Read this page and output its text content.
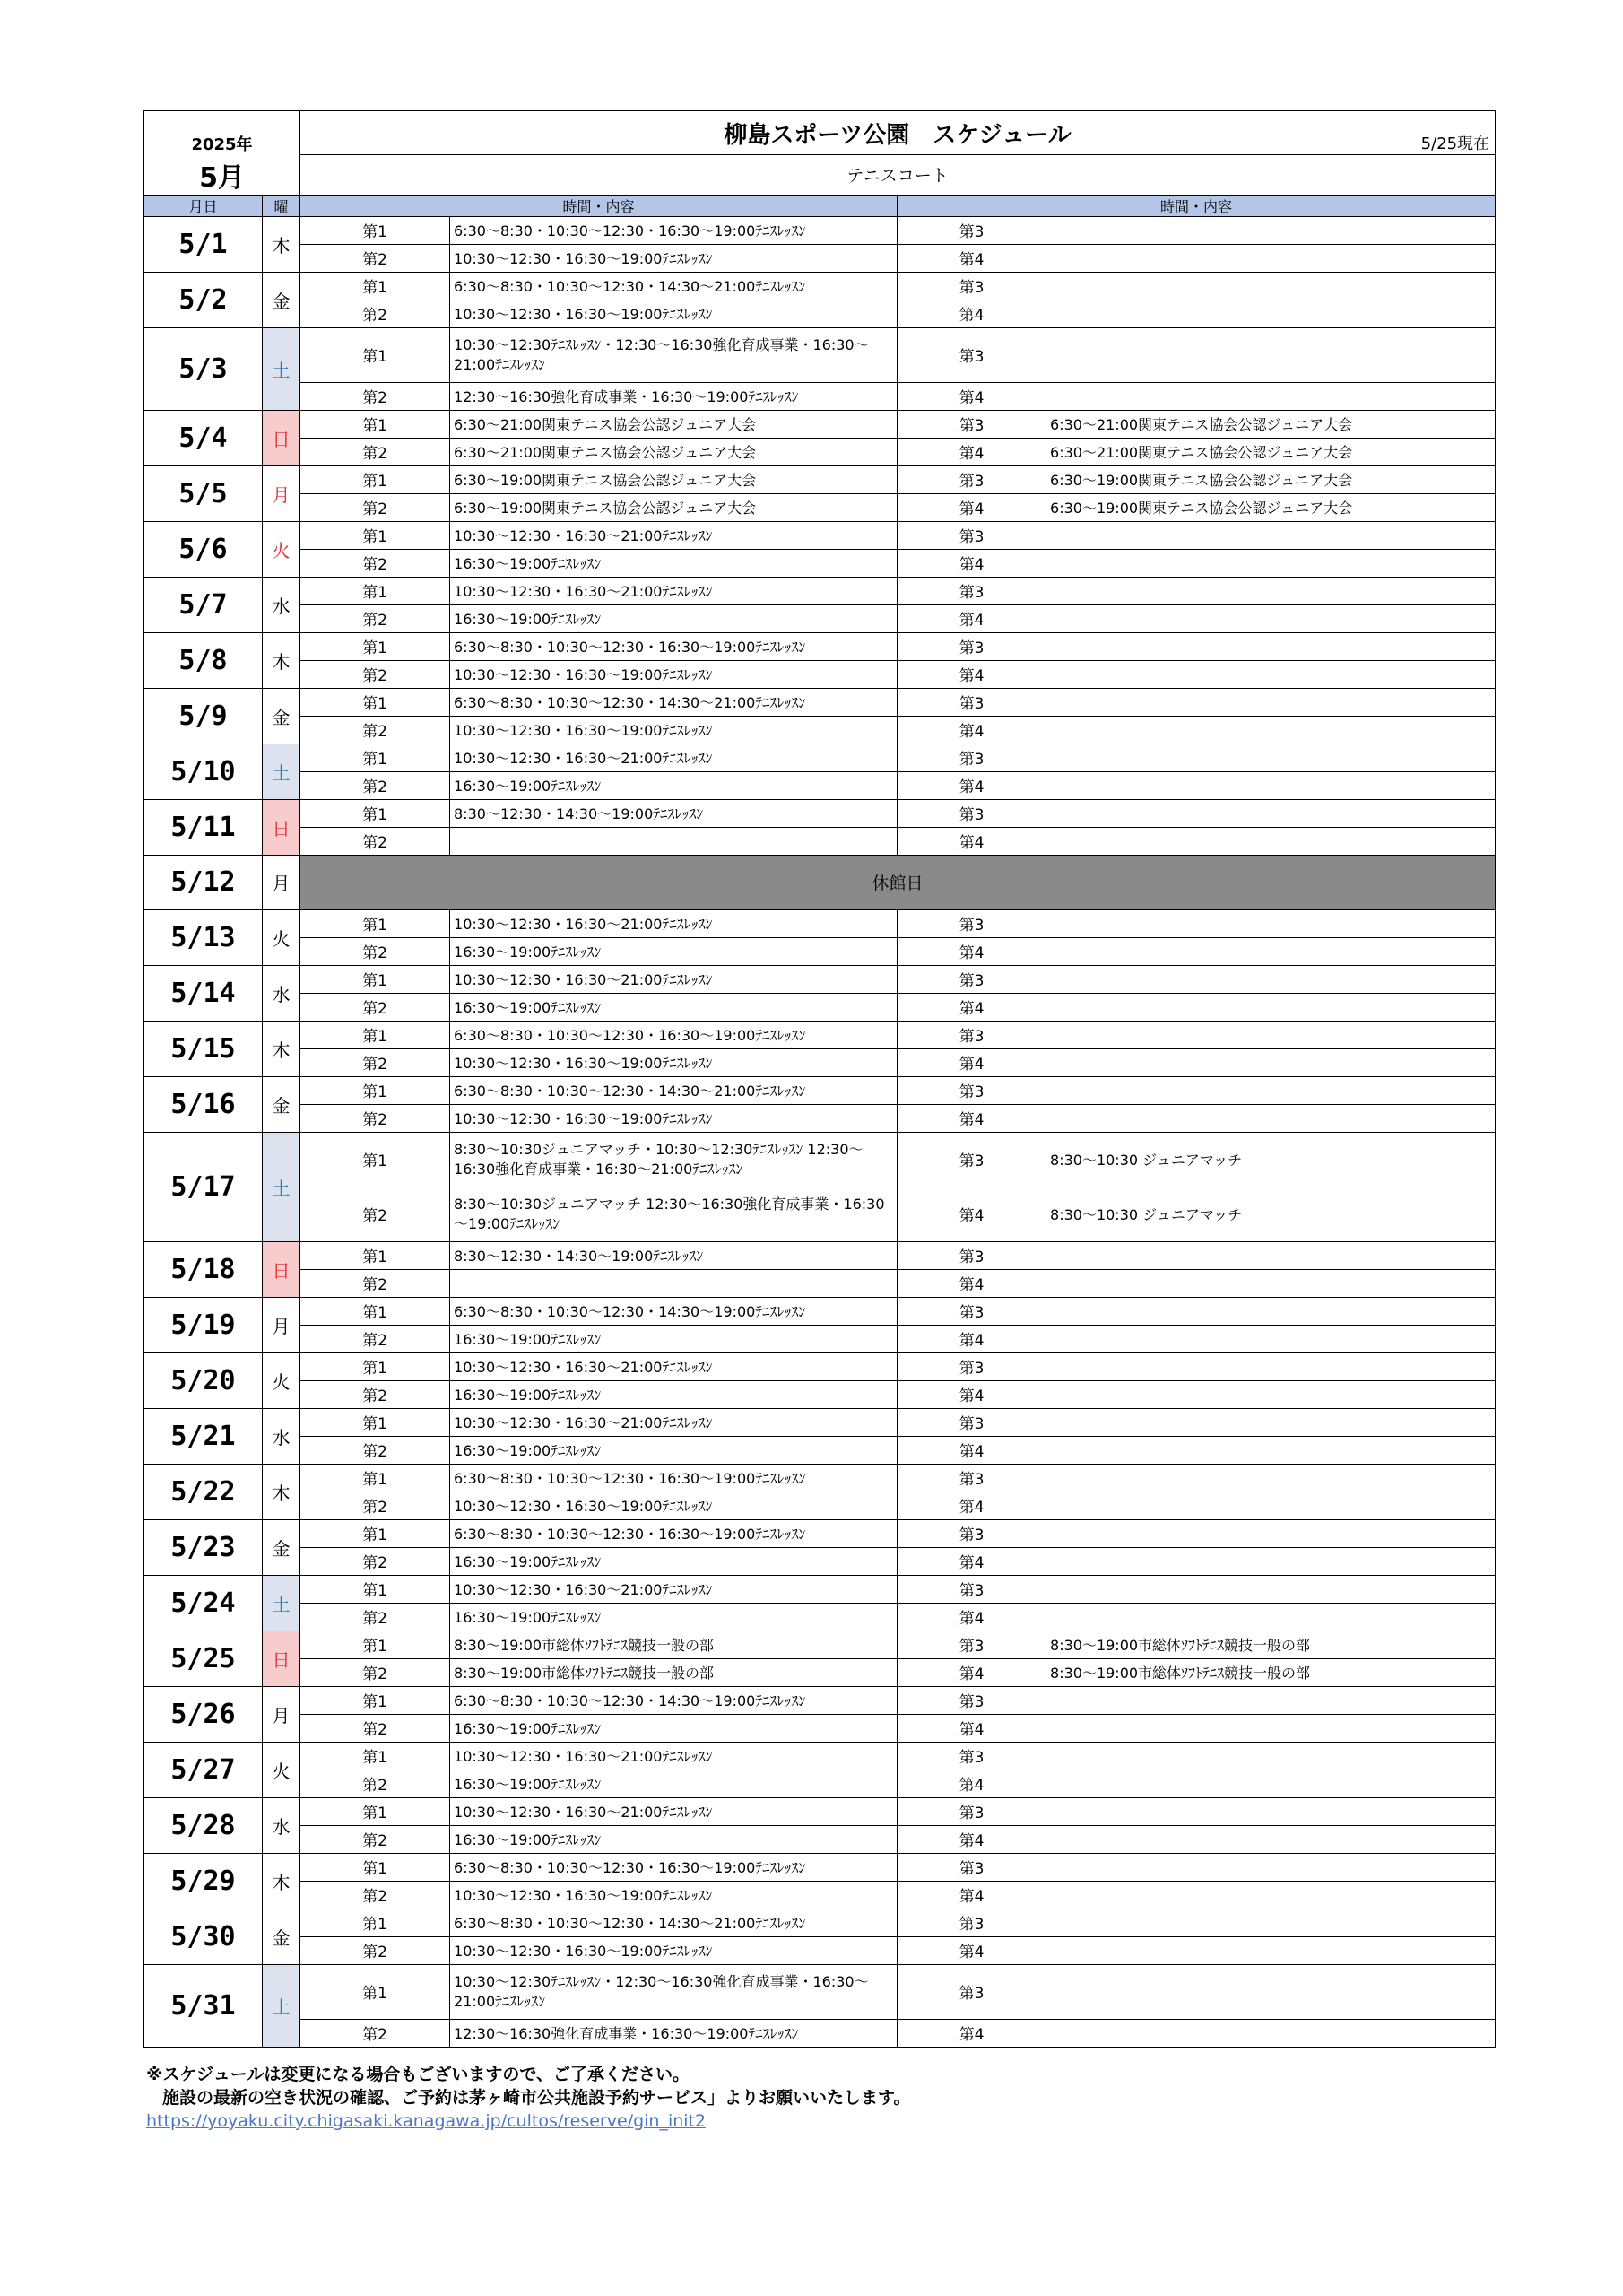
2025年		柳島スポーツ公園　スケジュール 5/25現在			

5月		テニスコート			
月日	曜	時間・内容		時間・内容	
5/1	木	第1	6:30～8:30・10:30～12:30・16:30～19:00ﾃﾆｽﾚｯｽﾝ	第3	
		第2	10:30～12:30・16:30～19:00ﾃﾆｽﾚｯｽﾝ	第4	
5/2	金	第1	6:30～8:30・10:30～12:30・14:30～21:00ﾃﾆｽﾚｯｽﾝ	第3	
		第2	10:30～12:30・16:30～19:00ﾃﾆｽﾚｯｽﾝ	第4	
5/3	土	第1	10:30～12:30ﾃﾆｽﾚｯｽﾝ・12:30～16:30強化育成事業・16:30～21:00ﾃﾆｽﾚｯｽﾝ	第3	
		第2	12:30～16:30強化育成事業・16:30～19:00ﾃﾆｽﾚｯｽﾝ	第4	
5/4	日	第1	6:30～21:00関東テニス協会公認ジュニア大会	第3	6:30～21:00関東テニス協会公認ジュニア大会
		第2	6:30～21:00関東テニス協会公認ジュニア大会	第4	6:30～21:00関東テニス協会公認ジュニア大会
5/5	月	第1	6:30～19:00関東テニス協会公認ジュニア大会	第3	6:30～19:00関東テニス協会公認ジュニア大会
		第2	6:30～19:00関東テニス協会公認ジュニア大会	第4	6:30～19:00関東テニス協会公認ジュニア大会
5/6	火	第1	10:30～12:30・16:30～21:00ﾃﾆｽﾚｯｽﾝ	第3	
		第2	16:30～19:00ﾃﾆｽﾚｯｽﾝ	第4	
5/7	水	第1	10:30～12:30・16:30～21:00ﾃﾆｽﾚｯｽﾝ	第3	
		第2	16:30～19:00ﾃﾆｽﾚｯｽﾝ	第4	
5/8	木	第1	6:30～8:30・10:30～12:30・16:30～19:00ﾃﾆｽﾚｯｽﾝ	第3	
		第2	10:30～12:30・16:30～19:00ﾃﾆｽﾚｯｽﾝ	第4	
5/9	金	第1	6:30～8:30・10:30～12:30・14:30～21:00ﾃﾆｽﾚｯｽﾝ	第3	
		第2	10:30～12:30・16:30～19:00ﾃﾆｽﾚｯｽﾝ	第4	
5/10	土	第1	10:30～12:30・16:30～21:00ﾃﾆｽﾚｯｽﾝ	第3	
		第2	16:30～19:00ﾃﾆｽﾚｯｽﾝ	第4	
5/11	日	第1	8:30～12:30・14:30～19:00ﾃﾆｽﾚｯｽﾝ	第3	
		第2		第4	
5/12	月	休館日			
5/13	火	第1	10:30～12:30・16:30～21:00ﾃﾆｽﾚｯｽﾝ	第3	
		第2	16:30～19:00ﾃﾆｽﾚｯｽﾝ	第4	
5/14	水	第1	10:30～12:30・16:30～21:00ﾃﾆｽﾚｯｽﾝ	第3	
		第2	16:30～19:00ﾃﾆｽﾚｯｽﾝ	第4	
5/15	木	第1	6:30～8:30・10:30～12:30・16:30～19:00ﾃﾆｽﾚｯｽﾝ	第3	
		第2	10:30～12:30・16:30～19:00ﾃﾆｽﾚｯｽﾝ	第4	
5/16	金	第1	6:30～8:30・10:30～12:30・14:30～21:00ﾃﾆｽﾚｯｽﾝ	第3	
		第2	10:30～12:30・16:30～19:00ﾃﾆｽﾚｯｽﾝ	第4	
5/17	土	第1	8:30～10:30ジュニアマッチ・10:30～12:30ﾃﾆｽﾚｯｽﾝ 12:30～16:30強化育成事業・16:30～21:00ﾃﾆｽﾚｯｽﾝ	第3	8:30～10:30 ジュニアマッチ
		第2	8:30～10:30ジュニアマッチ 12:30～16:30強化育成事業・16:30～19:00ﾃﾆｽﾚｯｽﾝ	第4	8:30～10:30 ジュニアマッチ
5/18	日	第1	8:30～12:30・14:30～19:00ﾃﾆｽﾚｯｽﾝ	第3	
		第2		第4	
5/19	月	第1	6:30～8:30・10:30～12:30・14:30～19:00ﾃﾆｽﾚｯｽﾝ	第3	
		第2	16:30～19:00ﾃﾆｽﾚｯｽﾝ	第4	
5/20	火	第1	10:30～12:30・16:30～21:00ﾃﾆｽﾚｯｽﾝ	第3	
		第2	16:30～19:00ﾃﾆｽﾚｯｽﾝ	第4	
5/21	水	第1	10:30～12:30・16:30～21:00ﾃﾆｽﾚｯｽﾝ	第3	
		第2	16:30～19:00ﾃﾆｽﾚｯｽﾝ	第4	
5/22	木	第1	6:30～8:30・10:30～12:30・16:30～19:00ﾃﾆｽﾚｯｽﾝ	第3	
		第2	10:30～12:30・16:30～19:00ﾃﾆｽﾚｯｽﾝ	第4	
5/23	金	第1	6:30～8:30・10:30～12:30・16:30～19:00ﾃﾆｽﾚｯｽﾝ	第3	
		第2	16:30～19:00ﾃﾆｽﾚｯｽﾝ	第4	
5/24	土	第1	10:30～12:30・16:30～21:00ﾃﾆｽﾚｯｽﾝ	第3	
		第2	16:30～19:00ﾃﾆｽﾚｯｽﾝ	第4	
5/25	日	第1	8:30～19:00市総体ｿﾌﾄﾃﾆｽ競技一般の部	第3	8:30～19:00市総体ｿﾌﾄﾃﾆｽ競技一般の部
		第2	8:30～19:00市総体ｿﾌﾄﾃﾆｽ競技一般の部	第4	8:30～19:00市総体ｿﾌﾄﾃﾆｽ競技一般の部
5/26	月	第1	6:30～8:30・10:30～12:30・14:30～19:00ﾃﾆｽﾚｯｽﾝ	第3	
		第2	16:30～19:00ﾃﾆｽﾚｯｽﾝ	第4	
5/27	火	第1	10:30～12:30・16:30～21:00ﾃﾆｽﾚｯｽﾝ	第3	
		第2	16:30～19:00ﾃﾆｽﾚｯｽﾝ	第4	
5/28	水	第1	10:30～12:30・16:30～21:00ﾃﾆｽﾚｯｽﾝ	第3	
		第2	16:30～19:00ﾃﾆｽﾚｯｽﾝ	第4	
5/29	木	第1	6:30～8:30・10:30～12:30・16:30～19:00ﾃﾆｽﾚｯｽﾝ	第3	
		第2	10:30～12:30・16:30～19:00ﾃﾆｽﾚｯｽﾝ	第4	
5/30	金	第1	6:30～8:30・10:30～12:30・14:30～21:00ﾃﾆｽﾚｯｽﾝ	第3	
		第2	10:30～12:30・16:30～19:00ﾃﾆｽﾚｯｽﾝ	第4	
5/31	土	第1	10:30～12:30ﾃﾆｽﾚｯｽﾝ・12:30～16:30強化育成事業・16:30～21:00ﾃﾆｽﾚｯｽﾝ	第3	
		第2	12:30～16:30強化育成事業・16:30～19:00ﾃﾆｽﾚｯｽﾝ	第4	
※スケジュールは変更になる場合もございますので、ご了承ください。
施設の最新の空き状況の確認、ご予約は茅ヶ崎市公共施設予約サービス」よりお願いいたします。
https://yoyaku.city.chigasaki.kanagawa.jp/cultos/reserve/gin_init2
